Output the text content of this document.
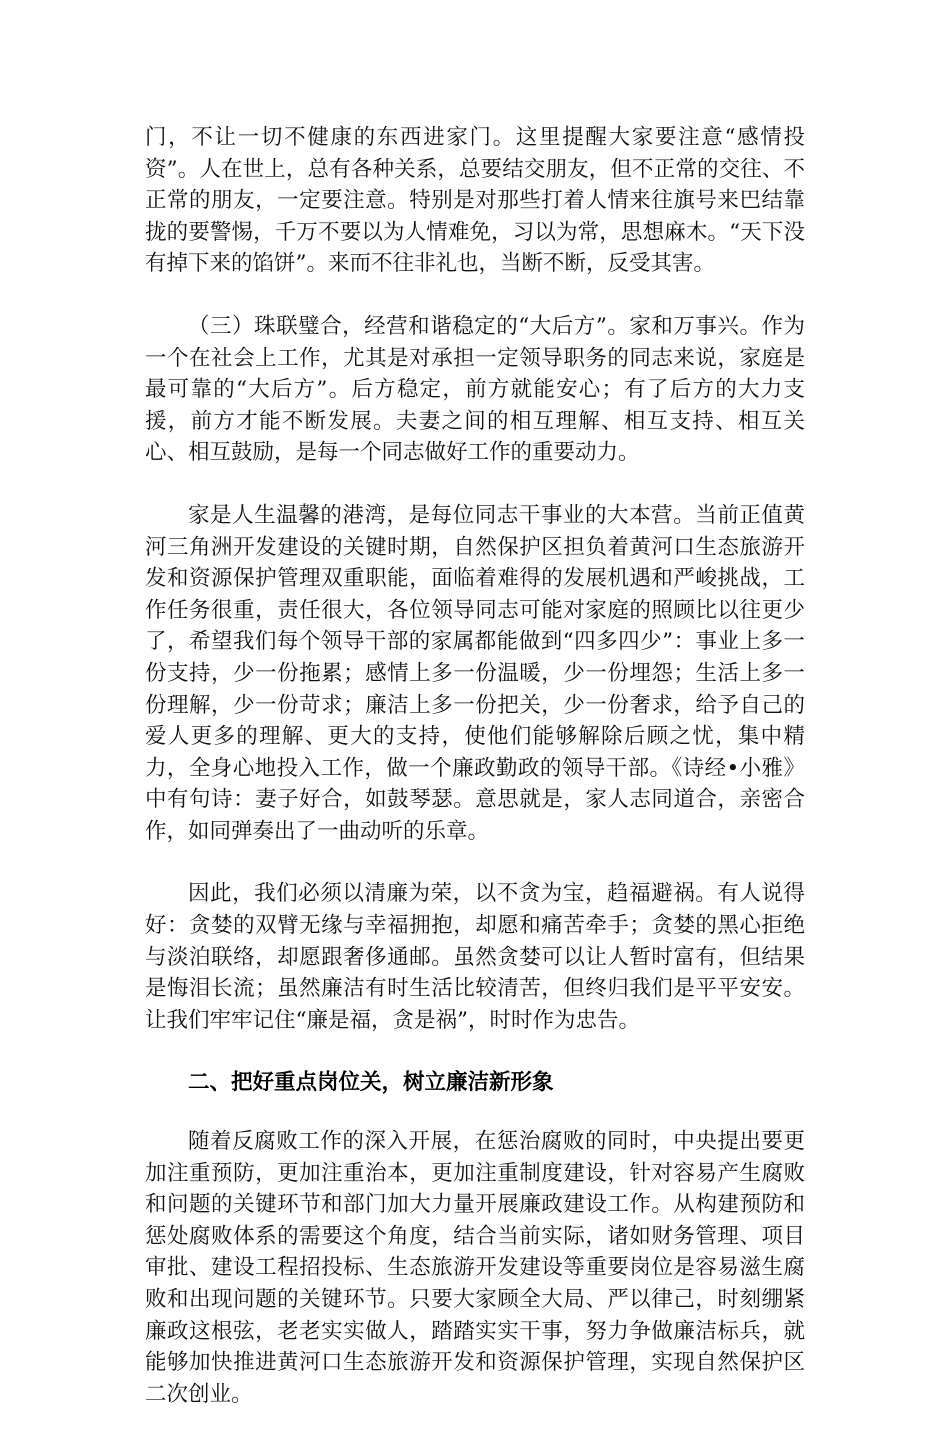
门，不让一切不健康的东西进家门。这里提醒大家要注意“感情投资”。人在世上，总有各种关系，总要结交朋友，但不正常的交往、不正常的朋友，一定要注意。特别是对那些打着人情来往旗号来巴结靠拢的要警惕，千万不要以为人情难免，习以为常，思想麻木。“天下没有掉下来的馅饼”。来而不往非礼也，当断不断，反受其害。

（三）珠联璧合，经营和谐稳定的“大后方”。家和万事兴。作为一个在社会上工作，尤其是对承担一定领导职务的同志来说，家庭是最可靠的“大后方”。后方稳定，前方就能安心；有了后方的大力支援，前方才能不断发展。夫妻之间的相互理解、相互支持、相互关心、相互鼓励，是每一个同志做好工作的重要动力。

家是人生温馨的港湾，是每位同志干事业的大本营。当前正值黄河三角洲开发建设的关键时期，自然保护区担负着黄河口生态旅游开发和资源保护管理双重职能，面临着难得的发展机遇和严峻挑战，工作任务很重，责任很大，各位领导同志可能对家庭的照顾比以往更少了，希望我们每个领导干部的家属都能做到“四多四少”：事业上多一份支持，少一份拖累；感情上多一份温暖，少一份埋怨；生活上多一份理解，少一份苛求；廉洁上多一份把关，少一份奢求，给予自己的爱人更多的理解、更大的支持，使他们能够解除后顾之忧，集中精力，全身心地投入工作，做一个廉政勤政的领导干部。《诗经•小雅》中有句诗：妻子好合，如鼓琴瑟。意思就是，家人志同道合，亲密合作，如同弹奏出了一曲动听的乐章。

因此，我们必须以清廉为荣，以不贪为宝，趋福避祸。有人说得好：贪婪的双臂无缘与幸福拥抱，却愿和痛苦牵手；贪婪的黑心拒绝与淡泊联络，却愿跟奢侈通邮。虽然贪婪可以让人暂时富有，但结果是悔泪长流；虽然廉洁有时生活比较清苦，但终归我们是平平安安。让我们牢牢记住“廉是福，贪是祸”，时时作为忠告。

二、把好重点岗位关，树立廉洁新形象

随着反腐败工作的深入开展，在惩治腐败的同时，中央提出要更加注重预防，更加注重治本，更加注重制度建设，针对容易产生腐败和问题的关键环节和部门加大力量开展廉政建设工作。从构建预防和惩处腐败体系的需要这个角度，结合当前实际，诸如财务管理、项目审批、建设工程招投标、生态旅游开发建设等重要岗位是容易滋生腐败和出现问题的关键环节。只要大家顾全大局、严以律己，时刻绷紧廉政这根弦，老老实实做人，踏踏实实干事，努力争做廉洁标兵，就能够加快推进黄河口生态旅游开发和资源保护管理，实现自然保护区二次创业。
